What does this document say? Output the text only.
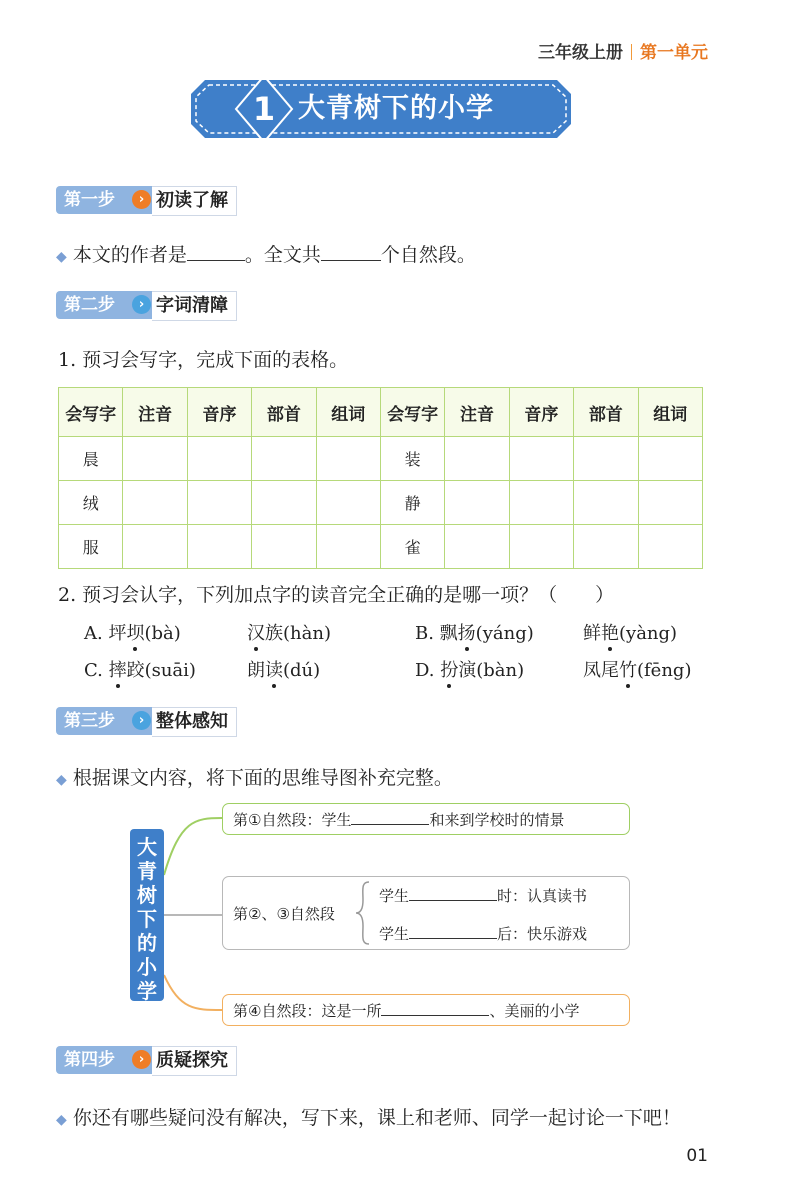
三年级上册 第一单元
1 大青树下的小学
第一步	› 初读了解
◆ 本文的作者是	。全文共	个自然段。
第二步	› 字词清障
1. 预习会写字，完成下面的表格。
会写字	注音	音序	部首	组词	会写字	注音	音序	部首	组词
晨					装				
绒					静				
服					雀				
2. 预习会认字，下列加点字的读音完全正确的是哪一项？（　　）
A. 坪坝(bà)	汉族(hàn)	B. 飘扬(yáng)	鲜艳(yàng)
C. 摔跤(suāi)	朗读(dú)	D. 扮演(bàn)	凤尾竹(fēng)
第三步	› 整体感知
◆ 根据课文内容，将下面的思维导图补充完整。
大
青
树
下
的
小
学
第①自然段：学生	和来到学校时的情景
第②、③自然段
学生	时：认真读书
学生	后：快乐游戏
第④自然段：这是一所	、美丽的小学
第四步	› 质疑探究
◆ 你还有哪些疑问没有解决，写下来，课上和老师、同学一起讨论一下吧！
01
